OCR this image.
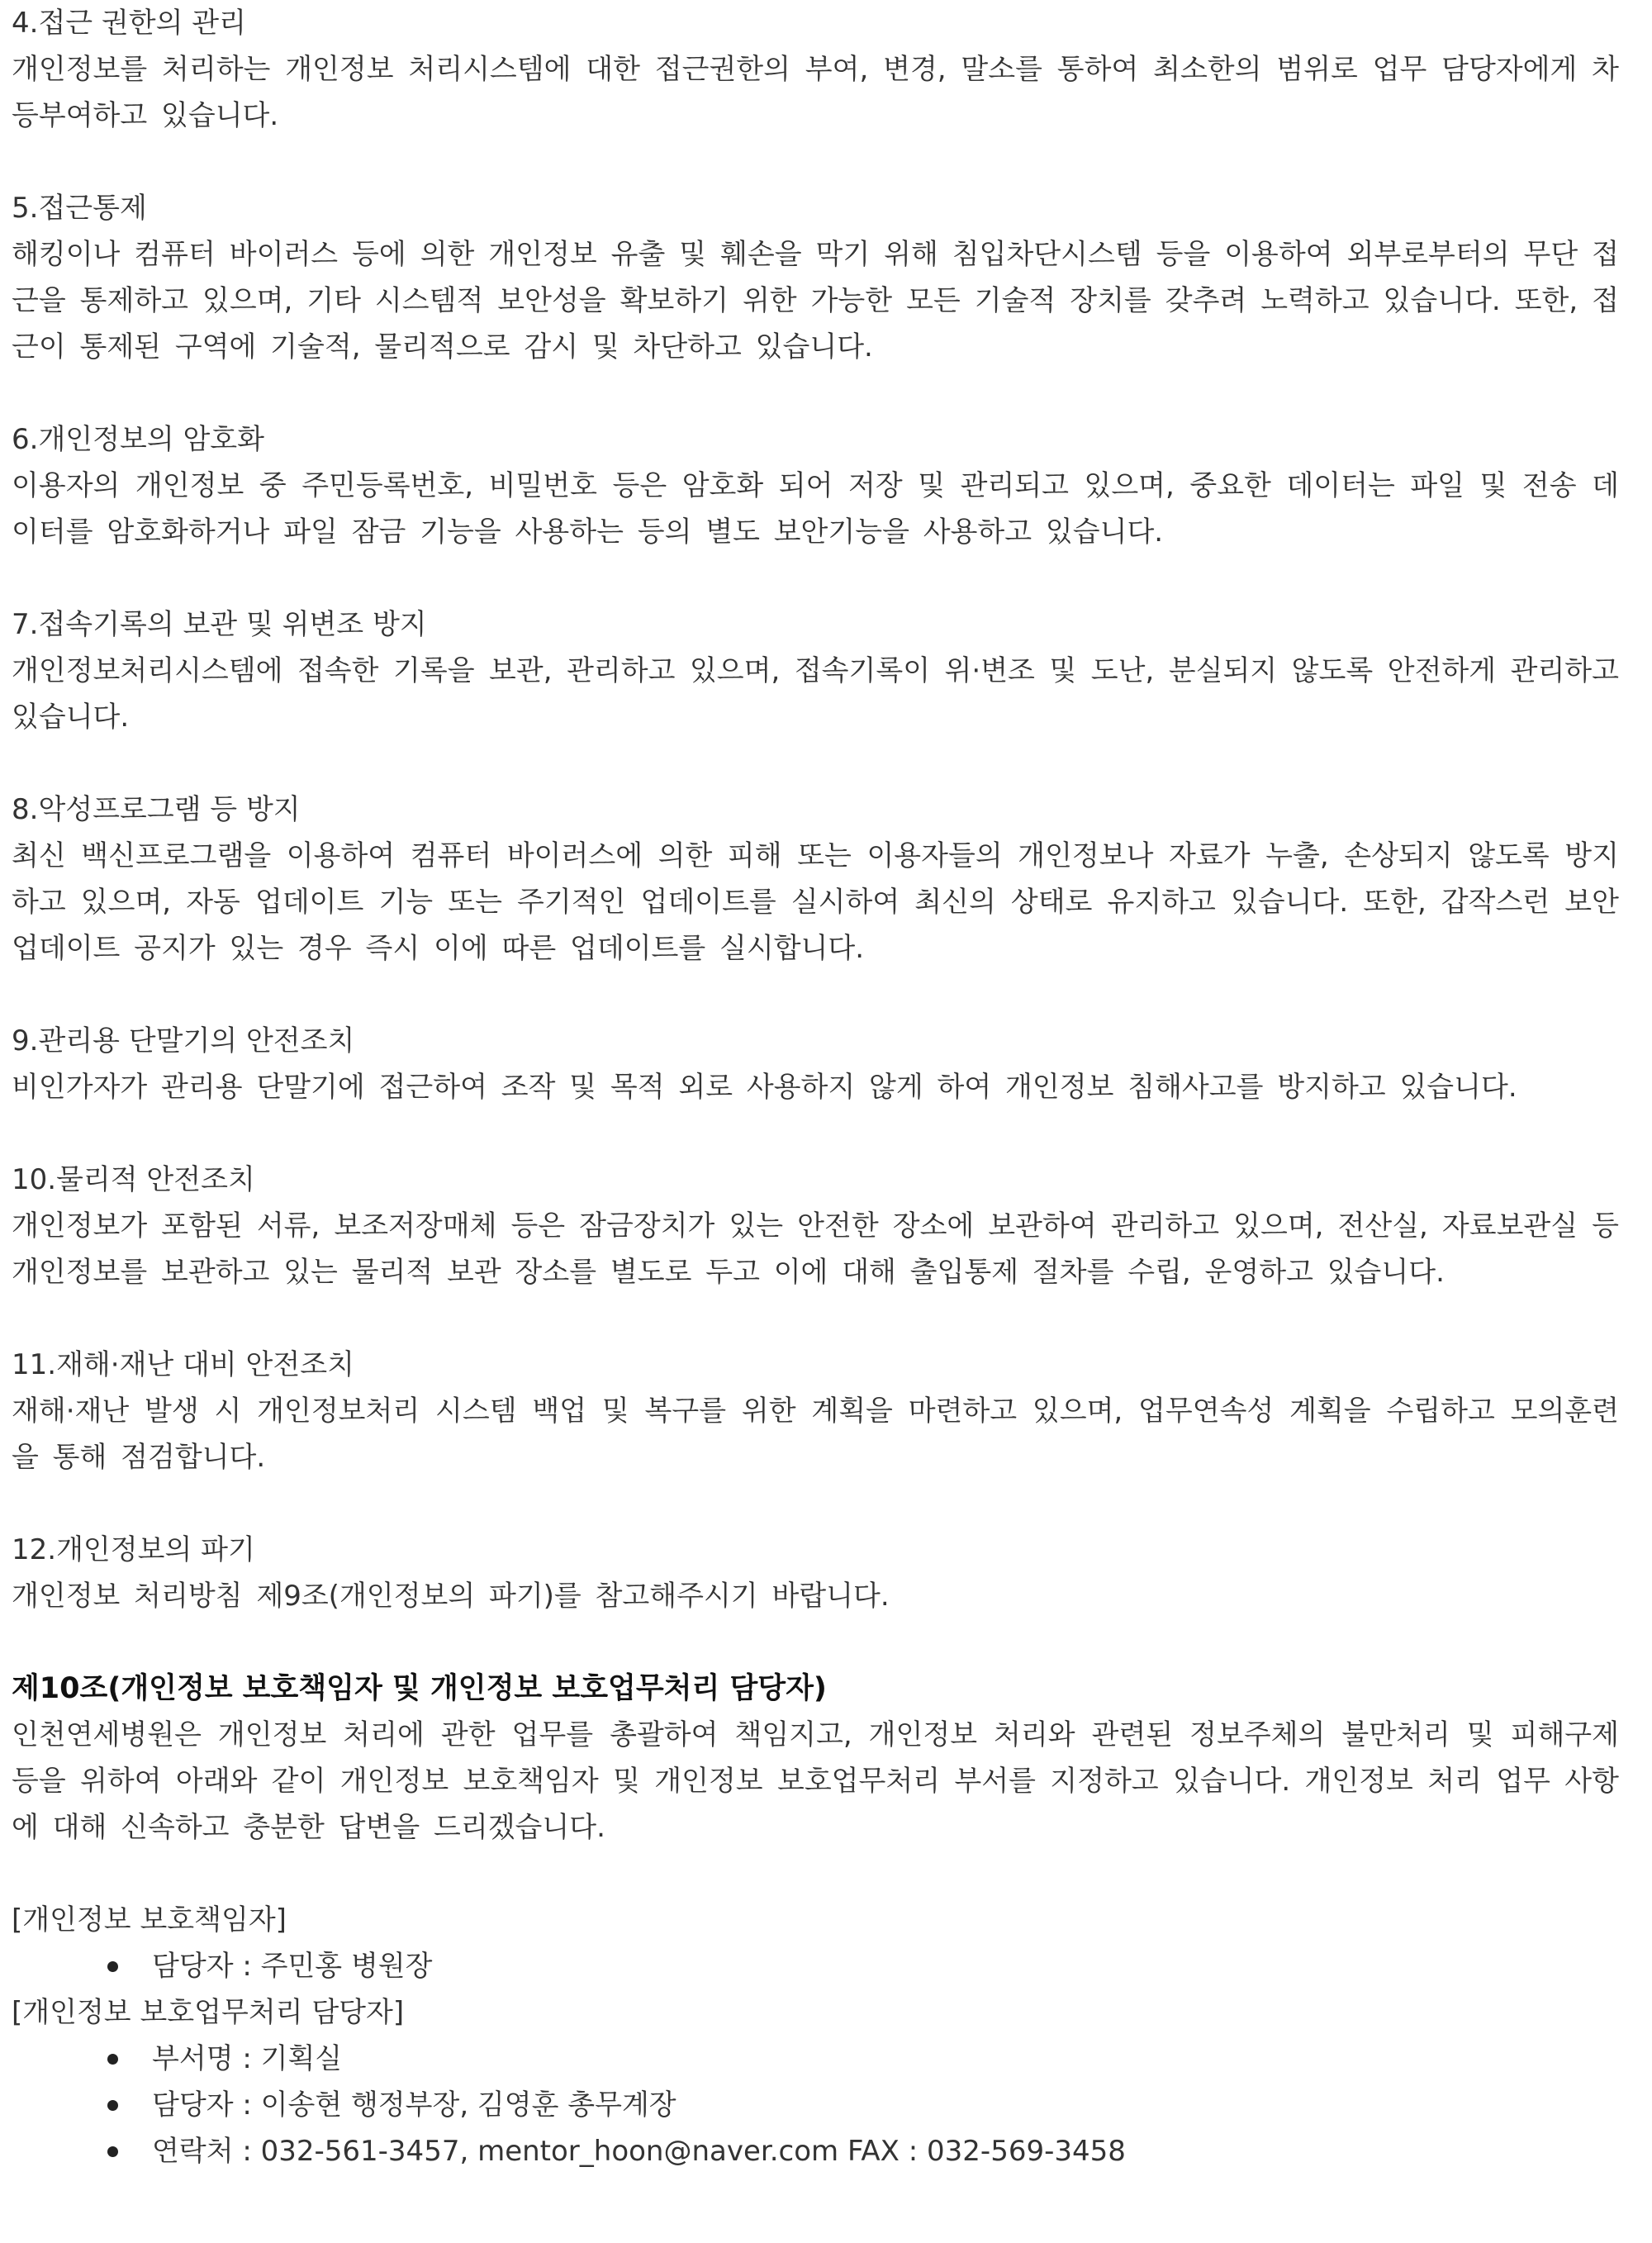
4.접근 권한의 관리
개인정보를 처리하는 개인정보 처리시스템에 대한 접근권한의 부여, 변경, 말소를 통하여 최소한의 범위로 업무 담당자에게 차등부여하고 있습니다.
5.접근통제
해킹이나 컴퓨터 바이러스 등에 의한 개인정보 유출 및 훼손을 막기 위해 침입차단시스템 등을 이용하여 외부로부터의 무단 접근을 통제하고 있으며, 기타 시스템적 보안성을 확보하기 위한 가능한 모든 기술적 장치를 갖추려 노력하고 있습니다. 또한, 접근이 통제된 구역에 기술적, 물리적으로 감시 및 차단하고 있습니다.
6.개인정보의 암호화
이용자의 개인정보 중 주민등록번호, 비밀번호 등은 암호화 되어 저장 및 관리되고 있으며, 중요한 데이터는 파일 및 전송 데이터를 암호화하거나 파일 잠금 기능을 사용하는 등의 별도 보안기능을 사용하고 있습니다.
7.접속기록의 보관 및 위변조 방지
개인정보처리시스템에 접속한 기록을 보관, 관리하고 있으며, 접속기록이 위·변조 및 도난, 분실되지 않도록 안전하게 관리하고 있습니다.
8.악성프로그램 등 방지
최신 백신프로그램을 이용하여 컴퓨터 바이러스에 의한 피해 또는 이용자들의 개인정보나 자료가 누출, 손상되지 않도록 방지하고 있으며, 자동 업데이트 기능 또는 주기적인 업데이트를 실시하여 최신의 상태로 유지하고 있습니다. 또한, 갑작스런 보안 업데이트 공지가 있는 경우 즉시 이에 따른 업데이트를 실시합니다.
9.관리용 단말기의 안전조치
비인가자가 관리용 단말기에 접근하여 조작 및 목적 외로 사용하지 않게 하여 개인정보 침해사고를 방지하고 있습니다.
10.물리적 안전조치
개인정보가 포함된 서류, 보조저장매체 등은 잠금장치가 있는 안전한 장소에 보관하여 관리하고 있으며, 전산실, 자료보관실 등 개인정보를 보관하고 있는 물리적 보관 장소를 별도로 두고 이에 대해 출입통제 절차를 수립, 운영하고 있습니다.
11.재해·재난 대비 안전조치
재해·재난 발생 시 개인정보처리 시스템 백업 및 복구를 위한 계획을 마련하고 있으며, 업무연속성 계획을 수립하고 모의훈련을 통해 점검합니다.
12.개인정보의 파기
개인정보 처리방침 제9조(개인정보의 파기)를 참고해주시기 바랍니다.
제10조(개인정보 보호책임자 및 개인정보 보호업무처리 담당자)
인천연세병원은 개인정보 처리에 관한 업무를 총괄하여 책임지고, 개인정보 처리와 관련된 정보주체의 불만처리 및 피해구제 등을 위하여 아래와 같이 개인정보 보호책임자 및 개인정보 보호업무처리 부서를 지정하고 있습니다. 개인정보 처리 업무 사항에 대해 신속하고 충분한 답변을 드리겠습니다.
[개인정보 보호책임자]
담당자 : 주민홍 병원장
[개인정보 보호업무처리 담당자]
부서명 : 기획실
담당자 : 이송현 행정부장, 김영훈 총무계장
연락처 : 032-561-3457, mentor_hoon@naver.com FAX : 032-569-3458
